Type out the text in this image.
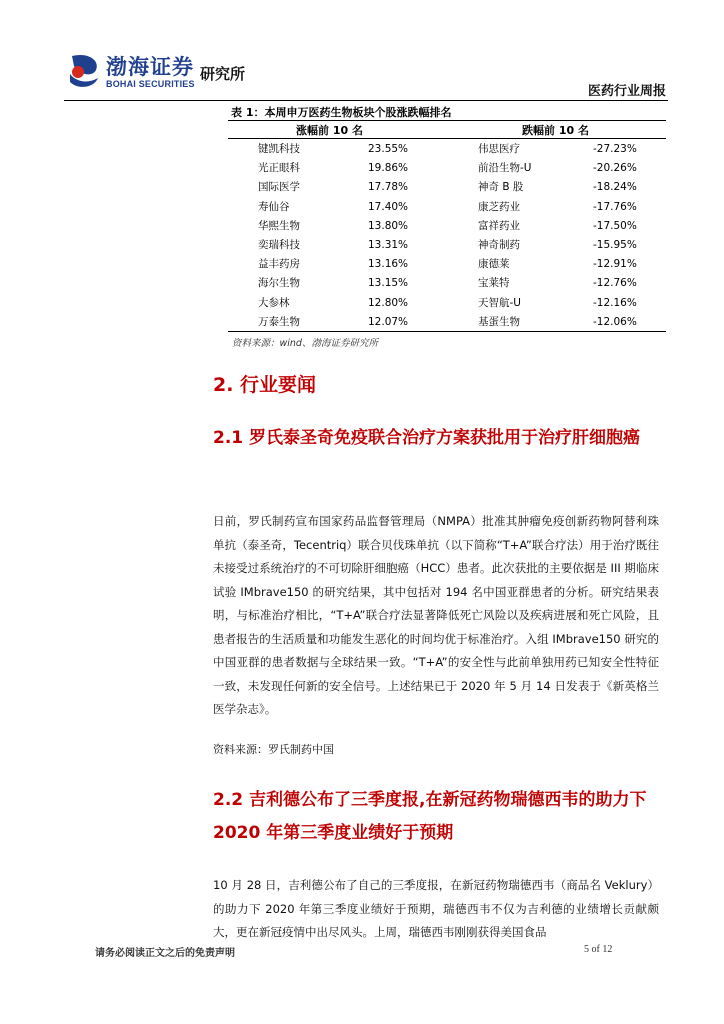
渤海证券
BOHAI SECURITIES
研究所
医药行业周报
表 1：本周申万医药生物板块个股涨跌幅排名
涨幅前 10 名	跌幅前 10 名
键凯科技	23.55%	伟思医疗	-27.23%
光正眼科	19.86%	前沿生物-U	-20.26%
国际医学	17.78%	神奇 B 股	-18.24%
寿仙谷	17.40%	康芝药业	-17.76%
华熙生物	13.80%	富祥药业	-17.50%
奕瑞科技	13.31%	神奇制药	-15.95%
益丰药房	13.16%	康德莱	-12.91%
海尔生物	13.15%	宝莱特	-12.76%
大参林	12.80%	天智航-U	-12.16%
万泰生物	12.07%	基蛋生物	-12.06%
资料来源：wind、渤海证券研究所
2. 行业要闻
2.1 罗氏泰圣奇免疫联合治疗方案获批用于治疗肝细胞癌
日前，罗氏制药宣布国家药品监督管理局（NMPA）批准其肿瘤免疫创新药物阿替利珠单抗（泰圣奇，Tecentriq）联合贝伐珠单抗（以下简称“T+A”联合疗法）用于治疗既往未接受过系统治疗的不可切除肝细胞癌（HCC）患者。此次获批的主要依据是 III 期临床试验 IMbrave150 的研究结果，其中包括对 194 名中国亚群患者的分析。研究结果表明，与标准治疗相比，“T+A”联合疗法显著降低死亡风险以及疾病进展和死亡风险，且患者报告的生活质量和功能发生恶化的时间均优于标准治疗。入组 IMbrave150 研究的中国亚群的患者数据与全球结果一致。“T+A”的安全性与此前单独用药已知安全性特征一致，未发现任何新的安全信号。上述结果已于 2020 年 5 月 14 日发表于《新英格兰医学杂志》。
资料来源：罗氏制药中国
2.2 吉利德公布了三季度报,在新冠药物瑞德西韦的助力下 2020 年第三季度业绩好于预期
10 月 28 日，吉利德公布了自己的三季度报，在新冠药物瑞德西韦（商品名 Veklury）的助力下 2020 年第三季度业绩好于预期，瑞德西韦不仅为吉利德的业绩增长贡献颇大，更在新冠疫情中出尽风头。上周，瑞德西韦刚刚获得美国食品
请务必阅读正文之后的免责声明	5 of 12
